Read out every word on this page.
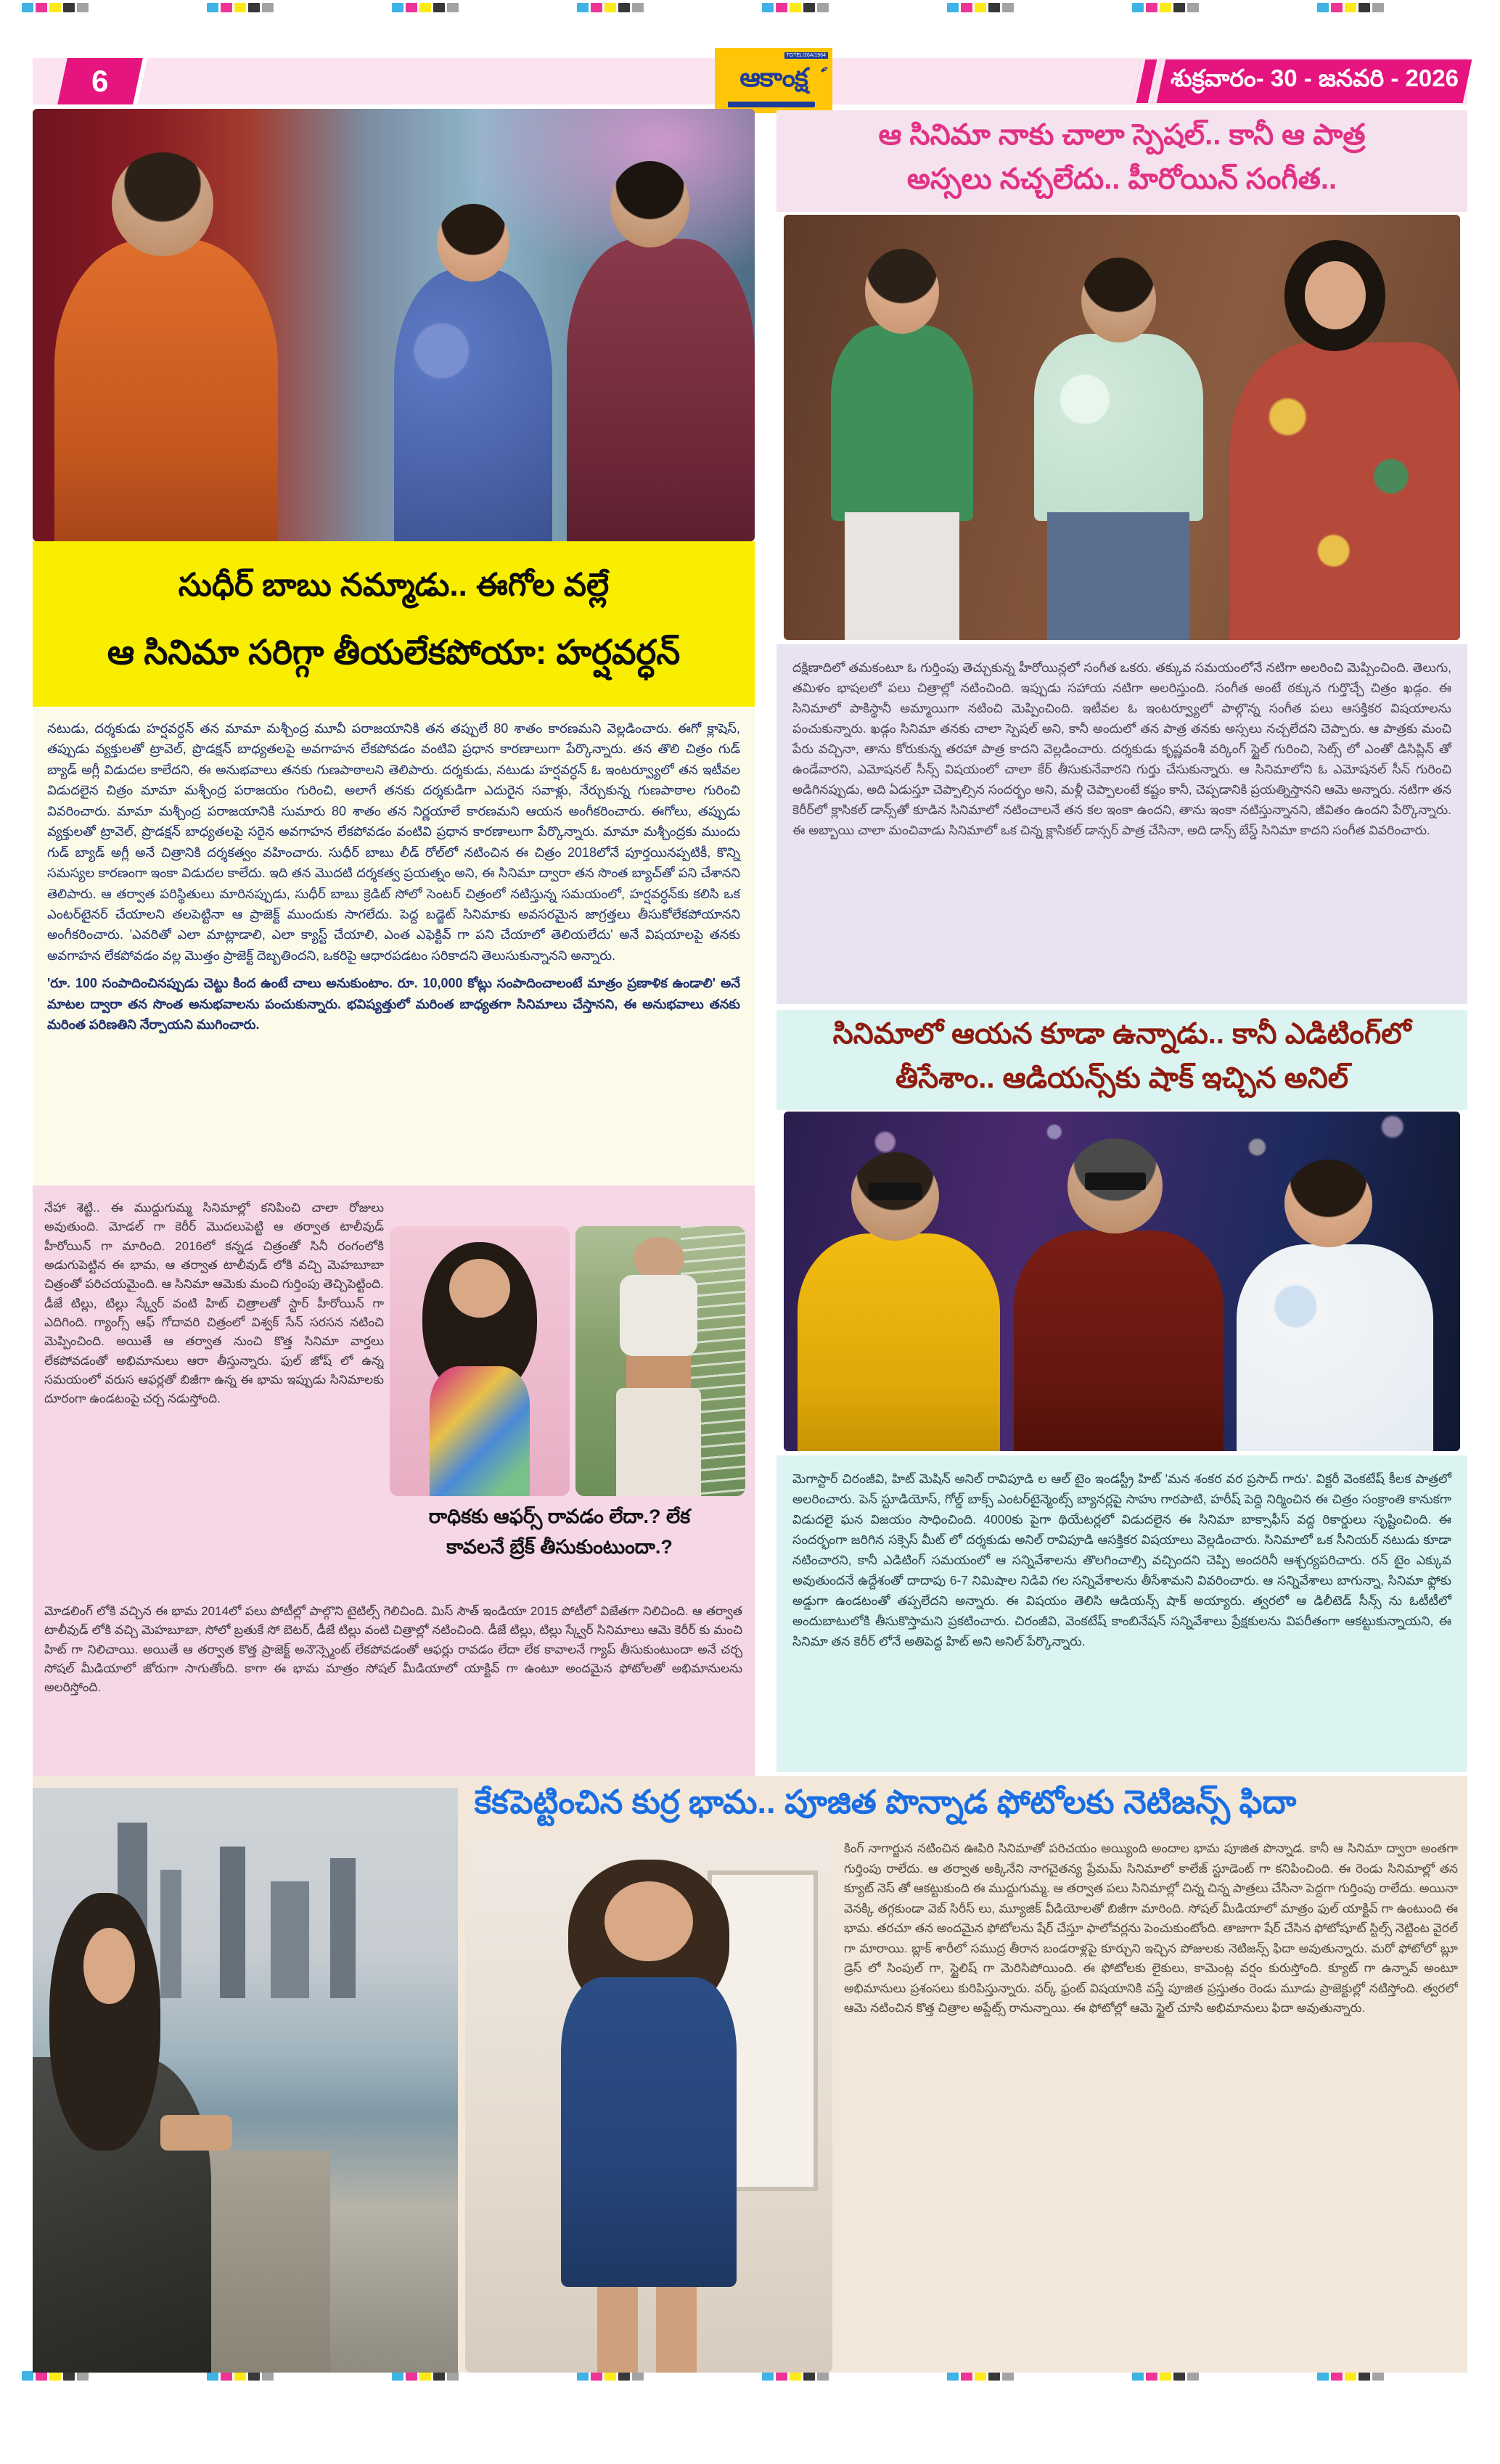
6
TGTEL/26A/1964
✒
ఆకాంక్ష	శుక్రవారం- 30 - జనవరి - 2026
సుధీర్ బాబు నమ్మాడు.. ఈగోల వల్లే
ఆ సినిమా సరిగ్గా తీయలేకపోయా: హర్షవర్ధన్
నటుడు, దర్శకుడు హర్షవర్ధన్ తన మామా మశ్చీంద్ర మూవీ పరాజయానికి తన తప్పులే 80 శాతం కారణమని వెల్లడించారు. ఈగో క్లాషెస్, తప్పుడు వ్యక్తులతో ట్రావెల్, ప్రొడక్షన్ బాధ్యతలపై అవగాహన లేకపోవడం వంటివి ప్రధాన కారణాలుగా పేర్కొన్నారు. తన తొలి చిత్రం గుడ్ బ్యాడ్ అగ్లీ విడుదల కాలేదని, ఈ అనుభవాలు తనకు గుణపాఠాలని తెలిపారు. దర్శకుడు, నటుడు హర్షవర్ధన్ ఓ ఇంటర్వ్యూలో తన ఇటీవల విడుదలైన చిత్రం మామా మశ్చీంద్ర పరాజయం గురించి, అలాగే తనకు దర్శకుడిగా ఎదురైన సవాళ్లు, నేర్చుకున్న గుణపాఠాల గురించి వివరించారు. మామా మశ్చీంద్ర పరాజయానికి సుమారు 80 శాతం తన నిర్ణయాలే కారణమని ఆయన అంగీకరించారు. ఈగోలు, తప్పుడు వ్యక్తులతో ట్రావెల్, ప్రొడక్షన్ బాధ్యతలపై సరైన అవగాహన లేకపోవడం వంటివి ప్రధాన కారణాలుగా పేర్కొన్నారు. మామా మశ్చీంద్రకు ముందు గుడ్ బ్యాడ్ అగ్లీ అనే చిత్రానికి దర్శకత్వం వహించారు. సుధీర్ బాబు లీడ్ రోల్‌లో నటించిన ఈ చిత్రం 2018లోనే పూర్తయినప్పటికీ, కొన్ని సమస్యల కారణంగా ఇంకా విడుదల కాలేదు. ఇది తన మొదటి దర్శకత్వ ప్రయత్నం అని, ఈ సినిమా ద్వారా తన సొంత బ్యాచ్‌తో పని చేశానని తెలిపారు. ఆ తర్వాత పరిస్థితులు మారినప్పుడు, సుధీర్ బాబు క్రెడిట్ సోలో సెంటర్ చిత్రంలో నటిస్తున్న సమయంలో, హర్షవర్ధన్‌కు కలిసి ఒక ఎంటర్‌టైనర్ చేయాలని తలపెట్టినా ఆ ప్రాజెక్ట్ ముందుకు సాగలేదు. పెద్ద బడ్జెట్ సినిమాకు అవసరమైన జాగ్రత్తలు తీసుకోలేకపోయానని అంగీకరించారు. 'ఎవరితో ఎలా మాట్లాడాలి, ఎలా క్యాస్ట్ చేయాలి, ఎంత ఎఫెక్టివ్ గా పని చేయాలో తెలియలేదు' అనే విషయాలపై తనకు అవగాహన లేకపోవడం వల్ల మొత్తం ప్రాజెక్ట్ దెబ్బతిందని, ఒకరిపై ఆధారపడటం సరికాదని తెలుసుకున్నానని అన్నారు.
'రూ. 100 సంపాదించినప్పుడు చెట్టు కింద ఉంటే చాలు అనుకుంటాం. రూ. 10,000 కోట్లు సంపాదించాలంటే మాత్రం ప్రణాళిక ఉండాలి' అనే మాటల ద్వారా తన సొంత అనుభవాలను పంచుకున్నారు. భవిష్యత్తులో మరింత బాధ్యతగా సినిమాలు చేస్తానని, ఈ అనుభవాలు తనకు మరింత పరిణతిని నేర్పాయని ముగించారు.
నేహా శెట్టి.. ఈ ముద్దుగుమ్మ సినిమాల్లో కనిపించి చాలా రోజులు అవుతుంది. మోడల్ గా కెరీర్ మొదలుపెట్టి ఆ తర్వాత టాలీవుడ్ హీరోయిన్ గా మారింది. 2016లో కన్నడ చిత్రంతో సినీ రంగంలోకి అడుగుపెట్టిన ఈ భామ, ఆ తర్వాత టాలీవుడ్ లోకి వచ్చి మెహబూబా చిత్రంతో పరిచయమైంది. ఆ సినిమా ఆమెకు మంచి గుర్తింపు తెచ్చిపెట్టింది. డీజే టిల్లు, టిల్లు స్క్వేర్ వంటి హిట్ చిత్రాలతో స్టార్ హీరోయిన్ గా ఎదిగింది. గ్యాంగ్స్ ఆఫ్ గోదావరి చిత్రంలో విశ్వక్ సేన్ సరసన నటించి మెప్పించింది. అయితే ఆ తర్వాత నుంచి కొత్త సినిమా వార్తలు లేకపోవడంతో అభిమానులు ఆరా తీస్తున్నారు. ఫుల్ జోష్ లో ఉన్న సమయంలో వరుస ఆఫర్లతో బిజీగా ఉన్న ఈ భామ ఇప్పుడు సినిమాలకు దూరంగా ఉండటంపై చర్చ నడుస్తోంది.
రాధికకు ఆఫర్స్ రావడం లేదా.? లేక
కావలనే బ్రేక్ తీసుకుంటుందా.?
మోడలింగ్ లోకి వచ్చిన ఈ భామ 2014లో పలు పోటీల్లో పాల్గొని టైటిల్స్ గెలిచింది. మిస్ సౌత్ ఇండియా 2015 పోటీలో విజేతగా నిలిచింది. ఆ తర్వాత టాలీవుడ్ లోకి వచ్చి మెహబూబా, సోలో బ్రతుకే సో బెటర్, డీజే టిల్లు వంటి చిత్రాల్లో నటించింది. డీజే టిల్లు, టిల్లు స్క్వేర్ సినిమాలు ఆమె కెరీర్ కు మంచి హిట్ గా నిలిచాయి. అయితే ఆ తర్వాత కొత్త ప్రాజెక్ట్ అనౌన్స్మెంట్ లేకపోవడంతో ఆఫర్లు రావడం లేదా లేక కావాలనే గ్యాప్ తీసుకుంటుందా అనే చర్చ సోషల్ మీడియాలో జోరుగా సాగుతోంది. కాగా ఈ భామ మాత్రం సోషల్ మీడియాలో యాక్టివ్ గా ఉంటూ అందమైన ఫోటోలతో అభిమానులను అలరిస్తోంది.
ఆ సినిమా నాకు చాలా స్పెషల్.. కానీ ఆ పాత్ర
అస్సలు నచ్చలేదు.. హీరోయిన్ సంగీత..
దక్షిణాదిలో తమకంటూ ఓ గుర్తింపు తెచ్చుకున్న హీరోయిన్లలో సంగీత ఒకరు. తక్కువ సమయంలోనే నటిగా అలరించి మెప్పించింది. తెలుగు, తమిళం భాషలలో పలు చిత్రాల్లో నటించింది. ఇప్పుడు సహాయ నటిగా అలరిస్తుంది. సంగీత అంటే ఠక్కున గుర్తొచ్చే చిత్రం ఖడ్గం. ఈ సినిమాలో పాకిస్థానీ అమ్మాయిగా నటించి మెప్పించింది. ఇటీవల ఓ ఇంటర్వ్యూలో పాల్గొన్న సంగీత పలు ఆసక్తికర విషయాలను పంచుకున్నారు. ఖడ్గం సినిమా తనకు చాలా స్పెషల్ అని, కానీ అందులో తన పాత్ర తనకు అస్సలు నచ్చలేదని చెప్పారు. ఆ పాత్రకు మంచి పేరు వచ్చినా, తాను కోరుకున్న తరహా పాత్ర కాదని వెల్లడించారు. దర్శకుడు కృష్ణవంశీ వర్కింగ్ స్టైల్ గురించి, సెట్స్ లో ఎంతో డిసిప్లిన్ తో ఉండేవారని, ఎమోషనల్ సీన్స్ విషయంలో చాలా కేర్ తీసుకునేవారని గుర్తు చేసుకున్నారు. ఆ సినిమాలోని ఓ ఎమోషనల్ సీన్ గురించి అడిగినప్పుడు, అది ఏడుస్తూ చెప్పాల్సిన సందర్భం అని, మళ్లీ చెప్పాలంటే కష్టం కానీ, చెప్పడానికి ప్రయత్నిస్తానని ఆమె అన్నారు. నటిగా తన కెరీర్‌లో క్లాసికల్ డాన్స్‌తో కూడిన సినిమాలో నటించాలనే తన కల ఇంకా ఉందని, తాను ఇంకా నటిస్తున్నానని, జీవితం ఉందని పేర్కొన్నారు. ఈ అబ్బాయి చాలా మంచివాడు సినిమాలో ఒక చిన్న క్లాసికల్ డాన్సర్ పాత్ర చేసినా, అది డాన్స్ బేస్డ్ సినిమా కాదని సంగీత వివరించారు.
సినిమాలో ఆయన కూడా ఉన్నాడు.. కానీ ఎడిటింగ్‌లో
తీసేశాం.. ఆడియన్స్‌కు షాక్ ఇచ్చిన అనిల్
మెగాస్టార్ చిరంజీవి, హిట్ మెషిన్ అనిల్ రావిపూడి ల ఆల్ టైం ఇండస్ట్రీ హిట్ 'మన శంకర వర ప్రసాద్ గారు'. విక్టరీ వెంకటేష్ కీలక పాత్రలో అలరించారు. పెన్ స్టూడియోస్, గోల్డ్ బాక్స్ ఎంటర్‌టైన్మెంట్స్ బ్యానర్లపై సాహు గారపాటి, హరీష్ పెద్ది నిర్మించిన ఈ చిత్రం సంక్రాంతి కానుకగా విడుదలై ఘన విజయం సాధించింది. 4000కు పైగా థియేటర్లలో విడుదలైన ఈ సినిమా బాక్సాఫీస్ వద్ద రికార్డులు సృష్టించింది. ఈ సందర్భంగా జరిగిన సక్సెస్ మీట్ లో దర్శకుడు అనిల్ రావిపూడి ఆసక్తికర విషయాలు వెల్లడించారు. సినిమాలో ఒక సీనియర్ నటుడు కూడా నటించారని, కానీ ఎడిటింగ్ సమయంలో ఆ సన్నివేశాలను తొలగించాల్సి వచ్చిందని చెప్పి అందరినీ ఆశ్చర్యపరిచారు. రన్ టైం ఎక్కువ అవుతుందనే ఉద్దేశంతో దాదాపు 6-7 నిమిషాల నిడివి గల సన్నివేశాలను తీసేశామని వివరించారు. ఆ సన్నివేశాలు బాగున్నా, సినిమా ఫ్లోకు అడ్డుగా ఉండటంతో తప్పలేదని అన్నారు. ఈ విషయం తెలిసి ఆడియన్స్ షాక్ అయ్యారు. త్వరలో ఆ డిలీటెడ్ సీన్స్ ను ఓటీటీలో అందుబాటులోకి తీసుకొస్తామని ప్రకటించారు. చిరంజీవి, వెంకటేష్ కాంబినేషన్ సన్నివేశాలు ప్రేక్షకులను విపరీతంగా ఆకట్టుకున్నాయని, ఈ సినిమా తన కెరీర్ లోనే అతిపెద్ద హిట్ అని అనిల్ పేర్కొన్నారు.
కేకపెట్టించిన కుర్ర భామ.. పూజిత పొన్నాడ ఫోటోలకు నెటిజన్స్ ఫిదా
కింగ్ నాగార్జున నటించిన ఊపిరి సినిమాతో పరిచయం అయ్యింది అందాల భామ పూజిత పొన్నాడ. కానీ ఆ సినిమా ద్వారా అంతగా గుర్తింపు రాలేదు. ఆ తర్వాత అక్కినేని నాగచైతన్య ప్రేమమ్ సినిమాలో కాలేజ్ స్టూడెంట్ గా కనిపించింది. ఈ రెండు సినిమాల్లో తన క్యూట్ నెస్ తో ఆకట్టుకుంది ఈ ముద్దుగుమ్మ. ఆ తర్వాత పలు సినిమాల్లో చిన్న చిన్న పాత్రలు చేసినా పెద్దగా గుర్తింపు రాలేదు. అయినా వెనక్కి తగ్గకుండా వెబ్ సిరీస్ లు, మ్యూజిక్ వీడియోలతో బిజీగా మారింది. సోషల్ మీడియాలో మాత్రం ఫుల్ యాక్టివ్ గా ఉంటుంది ఈ భామ. తరచూ తన అందమైన ఫోటోలను షేర్ చేస్తూ ఫాలోవర్లను పెంచుకుంటోంది. తాజాగా షేర్ చేసిన ఫోటోషూట్ స్టిల్స్ నెట్టింట వైరల్ గా మారాయి. బ్లాక్ శారీలో సముద్ర తీరాన బండరాళ్లపై కూర్చుని ఇచ్చిన పోజులకు నెటిజన్స్ ఫిదా అవుతున్నారు. మరో ఫోటోలో బ్లూ డ్రెస్ లో సింపుల్ గా, స్టైలిష్ గా మెరిసిపోయింది. ఈ ఫోటోలకు లైకులు, కామెంట్ల వర్షం కురుస్తోంది. క్యూట్ గా ఉన్నావ్ అంటూ అభిమానులు ప్రశంసలు కురిపిస్తున్నారు. వర్క్ ఫ్రంట్ విషయానికి వస్తే పూజిత ప్రస్తుతం రెండు మూడు ప్రాజెక్టుల్లో నటిస్తోంది. త్వరలో ఆమె నటించిన కొత్త చిత్రాల అప్డేట్స్ రానున్నాయి. ఈ ఫోటోల్లో ఆమె స్టైల్ చూసి అభిమానులు ఫిదా అవుతున్నారు.
